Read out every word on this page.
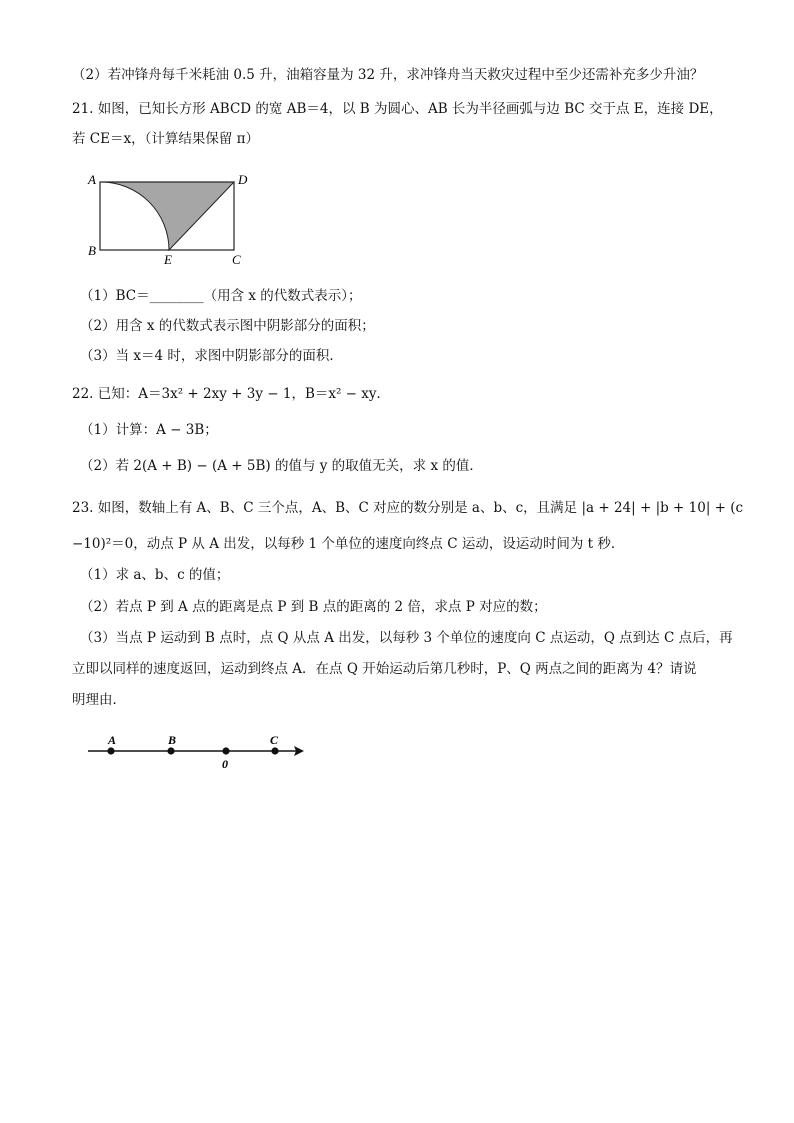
（2）若冲锋舟每千米耗油 0.5 升，油箱容量为 32 升，求冲锋舟当天救灾过程中至少还需补充多少升油？
21. 如图，已知长方形 ABCD 的宽 AB＝4，以 B 为圆心、AB 长为半径画弧与边 BC 交于点 E，连接 DE，
若 CE＝x，（计算结果保留 π）
A	D
B
E	C
（1）BC＝________（用含 x 的代数式表示）；
（2）用含 x 的代数式表示图中阴影部分的面积；
（3）当 x＝4 时，求图中阴影部分的面积．
22. 已知：A＝3x² + 2xy + 3y − 1，B＝x² − xy．
（1）计算：A − 3B；
（2）若 2(A + B) − (A + 5B) 的值与 y 的取值无关，求 x 的值．
23. 如图，数轴上有 A、B、C 三个点，A、B、C 对应的数分别是 a、b、c，且满足 |a + 24| + |b + 10| + (c
−10)²＝0，动点 P 从 A 出发，以每秒 1 个单位的速度向终点 C 运动，设运动时间为 t 秒．
（1）求 a、b、c 的值；
（2）若点 P 到 A 点的距离是点 P 到 B 点的距离的 2 倍，求点 P 对应的数；
（3）当点 P 运动到 B 点时，点 Q 从点 A 出发，以每秒 3 个单位的速度向 C 点运动，Q 点到达 C 点后，再
立即以同样的速度返回，运动到终点 A．在点 Q 开始运动后第几秒时，P、Q 两点之间的距离为 4？请说
明理由．
A	B
0
C
